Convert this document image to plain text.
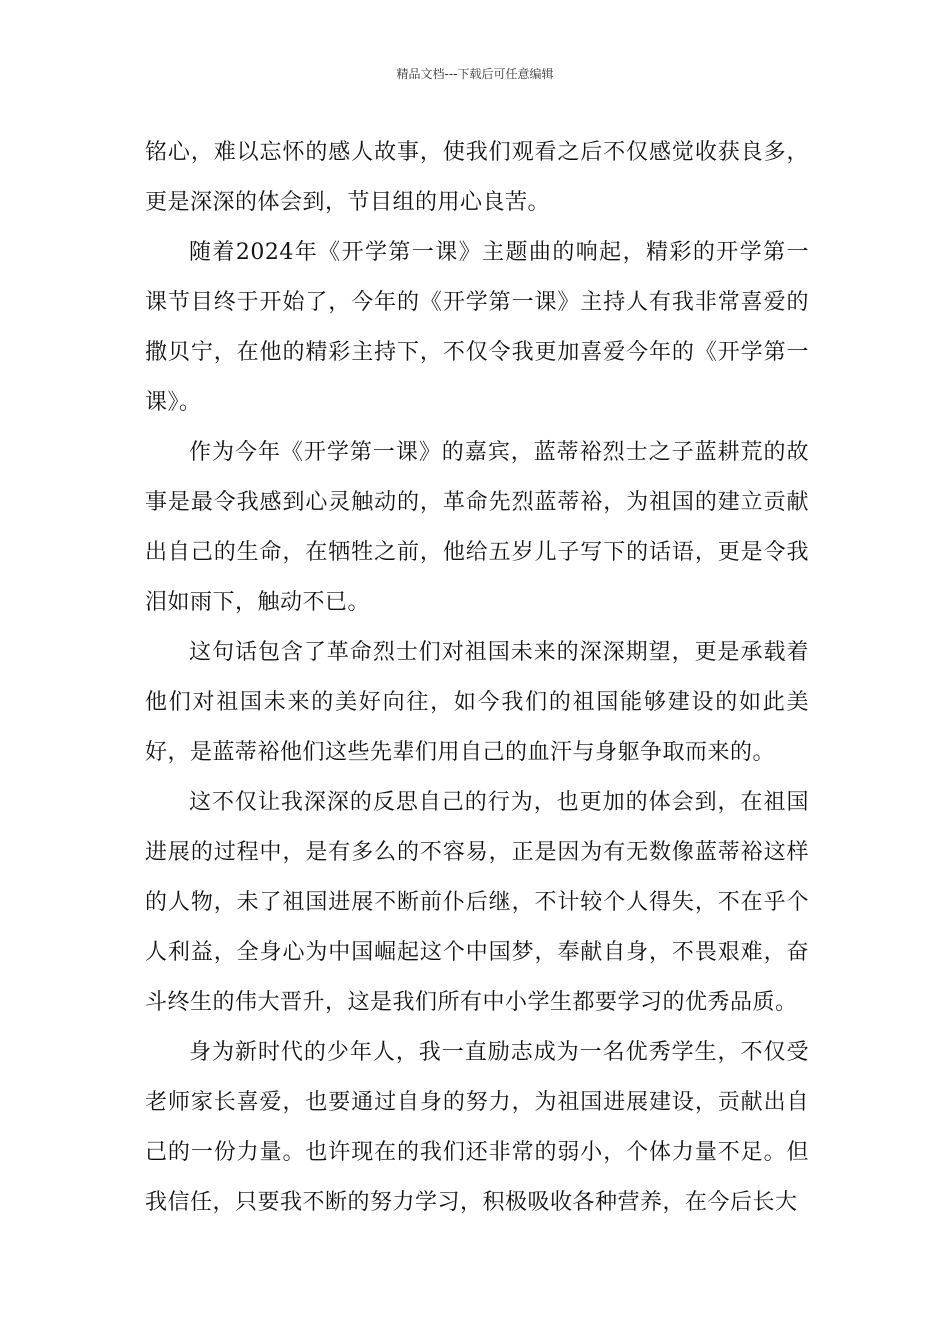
精品文档---下载后可任意编辑

铭心，难以忘怀的感人故事，使我们观看之后不仅感觉收获良多，更是深深的体会到，节目组的用心良苦。

随着2024年《开学第一课》主题曲的响起，精彩的开学第一课节目终于开始了，今年的《开学第一课》主持人有我非常喜爱的撒贝宁，在他的精彩主持下，不仅令我更加喜爱今年的《开学第一课》。

作为今年《开学第一课》的嘉宾，蓝蒂裕烈士之子蓝耕荒的故事是最令我感到心灵触动的，革命先烈蓝蒂裕，为祖国的建立贡献出自己的生命，在牺牲之前，他给五岁儿子写下的话语，更是令我泪如雨下，触动不已。

这句话包含了革命烈士们对祖国未来的深深期望，更是承载着他们对祖国未来的美好向往，如今我们的祖国能够建设的如此美好，是蓝蒂裕他们这些先辈们用自己的血汗与身躯争取而来的。

这不仅让我深深的反思自己的行为，也更加的体会到，在祖国进展的过程中，是有多么的不容易，正是因为有无数像蓝蒂裕这样的人物，未了祖国进展不断前仆后继，不计较个人得失，不在乎个人利益，全身心为中国崛起这个中国梦，奉献自身，不畏艰难，奋斗终生的伟大晋升，这是我们所有中小学生都要学习的优秀品质。

身为新时代的少年人，我一直励志成为一名优秀学生，不仅受老师家长喜爱，也要通过自身的努力，为祖国进展建设，贡献出自己的一份力量。也许现在的我们还非常的弱小，个体力量不足。但我信任，只要我不断的努力学习，积极吸收各种营养，在今后长大
